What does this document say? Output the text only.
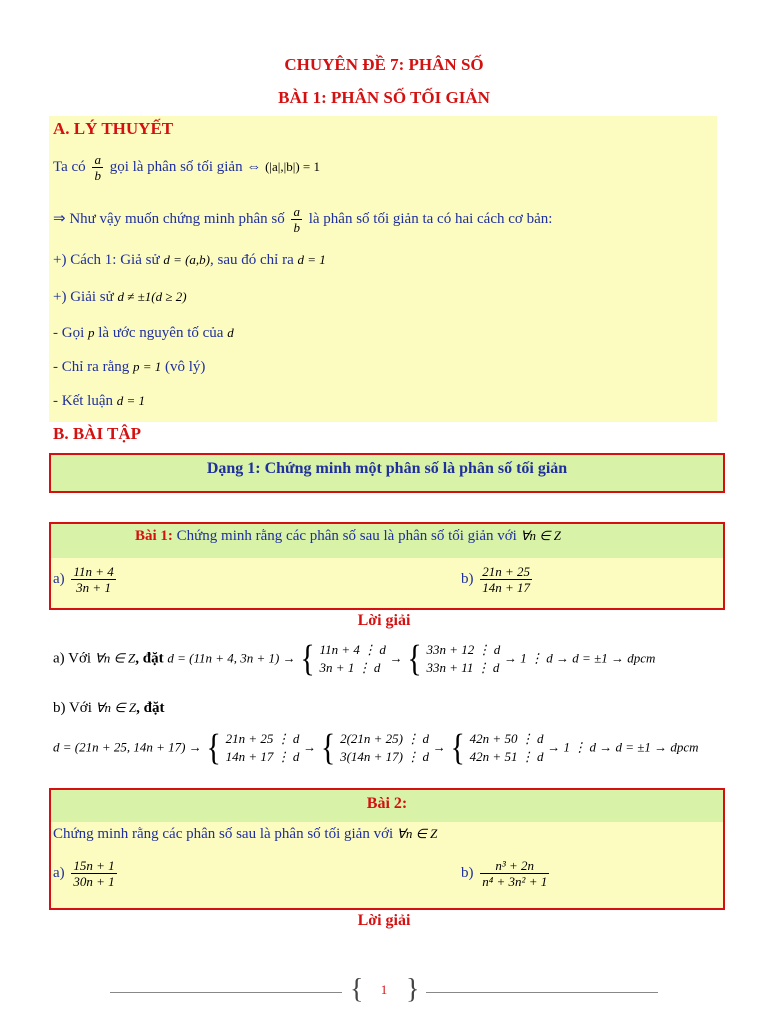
CHUYÊN ĐỀ 7: PHÂN SỐ
BÀI 1: PHÂN SỐ TỐI GIẢN
A. LÝ THUYẾT
Ta có $\frac{a}{b}$ gọi là phân số tối giản ⇔ (|a|,|b|) = 1
⇒ Như vậy muốn chứng minh phân số $\frac{a}{b}$ là phân số tối giản ta có hai cách cơ bản:
+) Cách 1: Giả sử d = (a,b), sau đó chỉ ra d = 1
+) Giải sử d ≠ ±1(d ≥ 2)
- Gọi p là ước nguyên tố của d
- Chỉ ra rằng p = 1 (vô lý)
- Kết luận d = 1
B. BÀI TẬP
Dạng 1: Chứng minh một phân số là phân số tối giản
Bài 1: Chứng minh rằng các phân số sau là phân số tối giản với ∀n ∈ Z
$a) \frac{11n + 4}{3n + 1}$	$b) \frac{21n + 25}{14n + 17}$
Lời giải
a) Với ∀n ∈ Z, đặt d = (11n + 4, 3n + 1) → { 11n + 4 ⋮ d
3n + 1 ⋮ d
→ { 33n + 12 ⋮ d
33n + 11 ⋮ d
→ 1 ⋮ d → d = ±1 → dpcm
b) Với ∀n ∈ Z, đặt
d = (21n + 25, 14n + 17) → { 21n + 25 ⋮ d
14n + 17 ⋮ d
→ { 2(21n + 25) ⋮ d
3(14n + 17) ⋮ d
→ { 42n + 50 ⋮ d
42n + 51 ⋮ d
→ 1 ⋮ d → d = ±1 → dpcm
Bài 2:
Chứng minh rằng các phân số sau là phân số tối giản với ∀n ∈ Z
$a) \frac{15n + 1}{30n + 1}$	$b) \frac{\text{n³ + 2n}}{\text{n⁴ + 3n² + 1}}$
Lời giải
{ }
1
